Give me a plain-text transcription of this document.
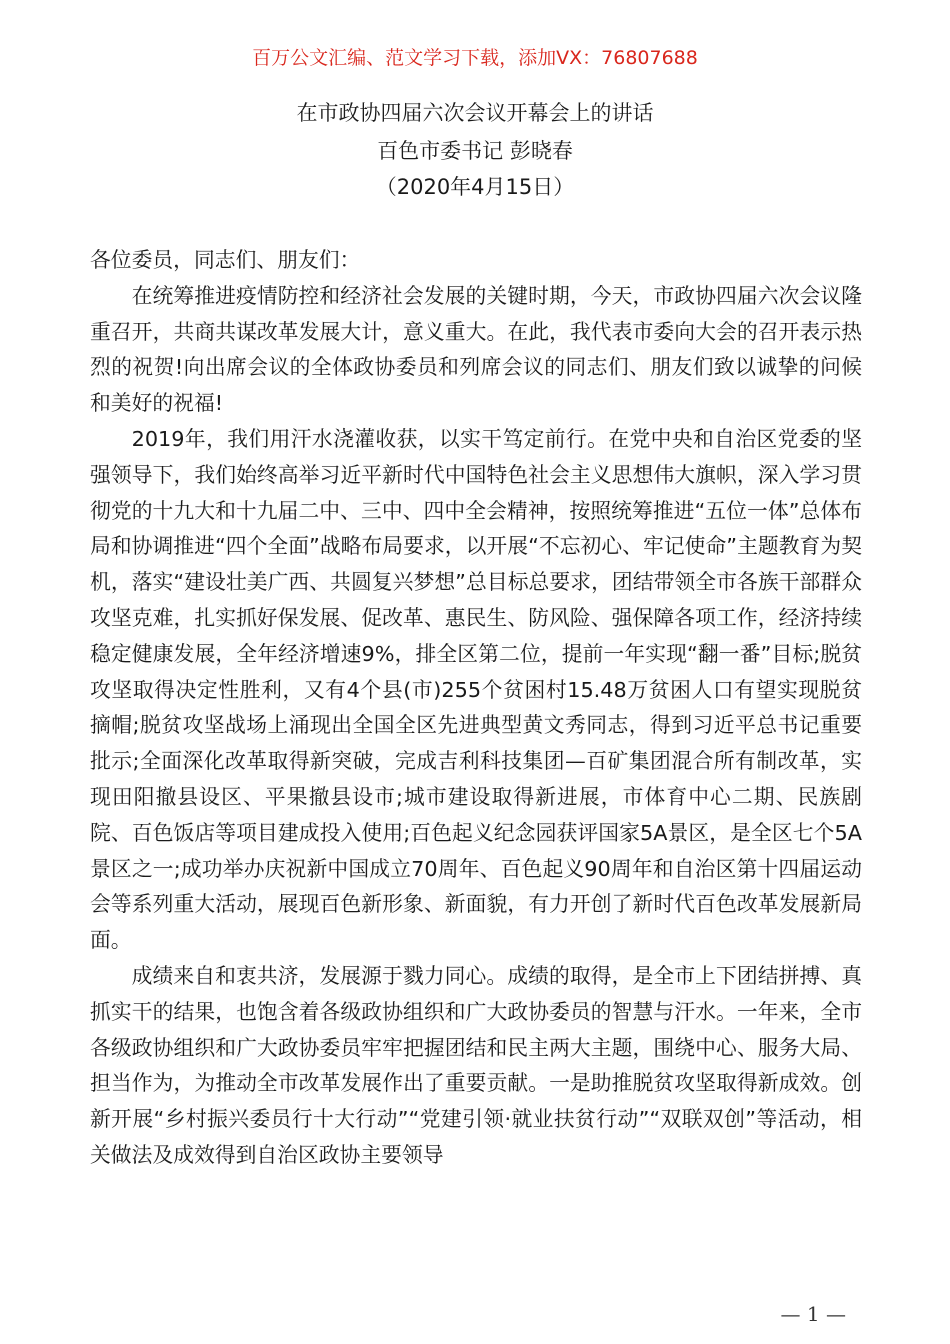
百万公文汇编、范文学习下载，添加VX：76807688
在市政协四届六次会议开幕会上的讲话
百色市委书记 彭晓春
（2020年4月15日）

各位委员，同志们、朋友们：

在统筹推进疫情防控和经济社会发展的关键时期，今天，市政协四届六次会议隆重召开，共商共谋改革发展大计，意义重大。在此，我代表市委向大会的召开表示热烈的祝贺!向出席会议的全体政协委员和列席会议的同志们、朋友们致以诚挚的问候和美好的祝福!

2019年，我们用汗水浇灌收获，以实干笃定前行。在党中央和自治区党委的坚强领导下，我们始终高举习近平新时代中国特色社会主义思想伟大旗帜，深入学习贯彻党的十九大和十九届二中、三中、四中全会精神，按照统筹推进“五位一体”总体布局和协调推进“四个全面”战略布局要求，以开展“不忘初心、牢记使命”主题教育为契机，落实“建设壮美广西、共圆复兴梦想”总目标总要求，团结带领全市各族干部群众攻坚克难，扎实抓好保发展、促改革、惠民生、防风险、强保障各项工作，经济持续稳定健康发展，全年经济增速9%，排全区第二位，提前一年实现“翻一番”目标;脱贫攻坚取得决定性胜利，又有4个县(市)255个贫困村15.48万贫困人口有望实现脱贫摘帽;脱贫攻坚战场上涌现出全国全区先进典型黄文秀同志，得到习近平总书记重要批示;全面深化改革取得新突破，完成吉利科技集团—百矿集团混合所有制改革，实现田阳撤县设区、平果撤县设市;城市建设取得新进展，市体育中心二期、民族剧院、百色饭店等项目建成投入使用;百色起义纪念园获评国家5A景区，是全区七个5A景区之一;成功举办庆祝新中国成立70周年、百色起义90周年和自治区第十四届运动会等系列重大活动，展现百色新形象、新面貌，有力开创了新时代百色改革发展新局面。

成绩来自和衷共济，发展源于戮力同心。成绩的取得，是全市上下团结拼搏、真抓实干的结果，也饱含着各级政协组织和广大政协委员的智慧与汗水。一年来，全市各级政协组织和广大政协委员牢牢把握团结和民主两大主题，围绕中心、服务大局、担当作为，为推动全市改革发展作出了重要贡献。一是助推脱贫攻坚取得新成效。创新开展“乡村振兴委员行十大行动”“党建引领·就业扶贫行动”“双联双创”等活动，相关做法及成效得到自治区政协主要领导

— 1 —
